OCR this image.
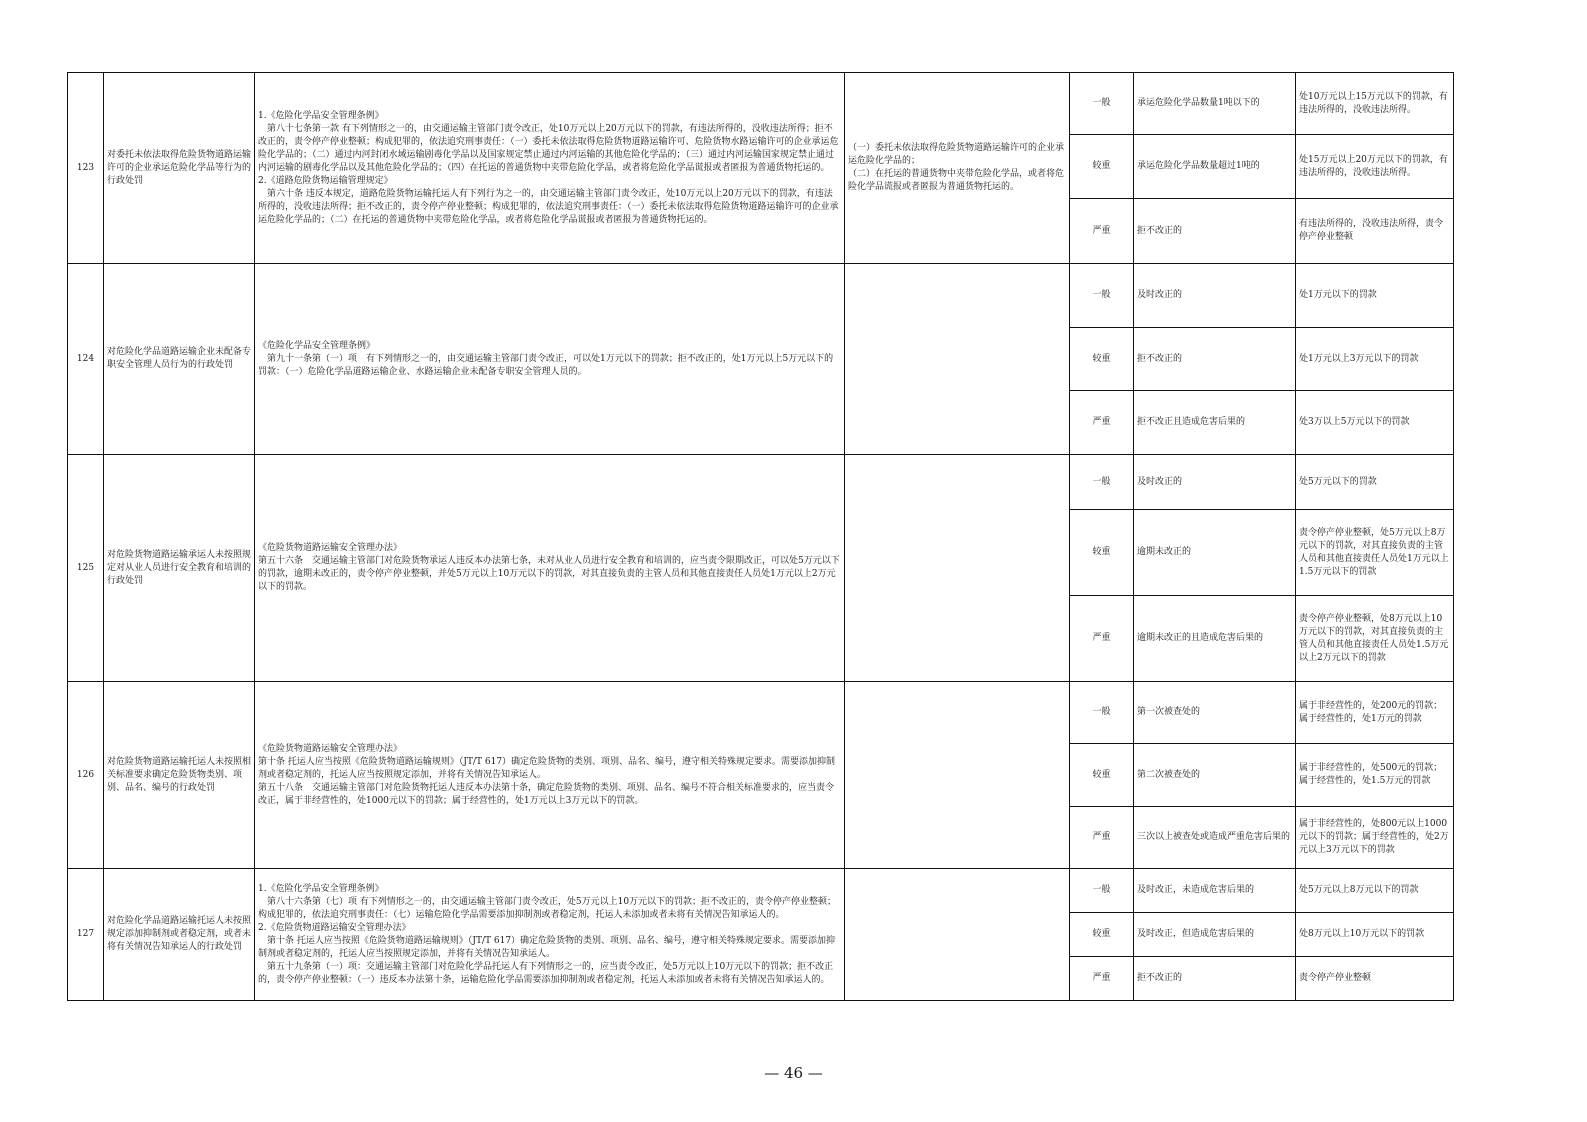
123	对委托未依法取得危险货物道路运输许可的企业承运危险化学品等行为的行政处罚	1.《危险化学品安全管理条例》
　第八十七条第一款 有下列情形之一的，由交通运输主管部门责令改正，处10万元以上20万元以下的罚款，有违法所得的，没收违法所得；拒不改正的，责令停产停业整顿；构成犯罪的，依法追究刑事责任：（一）委托未依法取得危险货物道路运输许可、危险货物水路运输许可的企业承运危险化学品的；（二）通过内河封闭水域运输剧毒化学品以及国家规定禁止通过内河运输的其他危险化学品的；（三）通过内河运输国家规定禁止通过内河运输的剧毒化学品以及其他危险化学品的；（四）在托运的普通货物中夹带危险化学品，或者将危险化学品谎报或者匿报为普通货物托运的。
2.《道路危险货物运输管理规定》
　第六十条 违反本规定，道路危险货物运输托运人有下列行为之一的，由交通运输主管部门责令改正，处10万元以上20万元以下的罚款，有违法所得的，没收违法所得；拒不改正的，责令停产停业整顿；构成犯罪的，依法追究刑事责任：（一）委托未依法取得危险货物道路运输许可的企业承运危险化学品的；（二）在托运的普通货物中夹带危险化学品，或者将危险化学品谎报或者匿报为普通货物托运的。	（一）委托未依法取得危险货物道路运输许可的企业承运危险化学品的；
（二）在托运的普通货物中夹带危险化学品，或者将危险化学品谎报或者匿报为普通货物托运的。	一般	承运危险化学品数量1吨以下的	处10万元以上15万元以下的罚款，有违法所得的，没收违法所得。
				较重	承运危险化学品数量超过1吨的	处15万元以上20万元以下的罚款，有违法所得的，没收违法所得。
				严重	拒不改正的	有违法所得的，没收违法所得，责令停产停业整顿
124	对危险化学品道路运输企业未配备专职安全管理人员行为的行政处罚	《危险化学品安全管理条例》
　第九十一条第（一）项　有下列情形之一的，由交通运输主管部门责令改正，可以处1万元以下的罚款；拒不改正的，处1万元以上5万元以下的罚款：（一）危险化学品道路运输企业、水路运输企业未配备专职安全管理人员的。		一般	及时改正的	处1万元以下的罚款
				较重	拒不改正的	处1万元以上3万元以下的罚款
				严重	拒不改正且造成危害后果的	处3万以上5万元以下的罚款
125	对危险货物道路运输承运人未按照规定对从业人员进行安全教育和培训的行政处罚	《危险货物道路运输安全管理办法》
第五十六条　交通运输主管部门对危险货物承运人违反本办法第七条，未对从业人员进行安全教育和培训的，应当责令限期改正，可以处5万元以下的罚款，逾期未改正的，责令停产停业整顿，并处5万元以上10万元以下的罚款，对其直接负责的主管人员和其他直接责任人员处1万元以上2万元以下的罚款。		一般	及时改正的	处5万元以下的罚款
				较重	逾期未改正的	责令停产停业整顿，处5万元以上8万元以下的罚款，对其直接负责的主管人员和其他直接责任人员处1万元以上1.5万元以下的罚款
				严重	逾期未改正的且造成危害后果的	责令停产停业整顿，处8万元以上10万元以下的罚款，对其直接负责的主管人员和其他直接责任人员处1.5万元以上2万元以下的罚款
126	对危险货物道路运输托运人未按照相关标准要求确定危险货物类别、项别、品名、编号的行政处罚	《危险货物道路运输安全管理办法》
第十条 托运人应当按照《危险货物道路运输规则》（JT/T 617）确定危险货物的类别、项别、品名、编号，遵守相关特殊规定要求。需要添加抑制剂或者稳定剂的，托运人应当按照规定添加，并将有关情况告知承运人。
第五十八条　交通运输主管部门对危险货物托运人违反本办法第十条，确定危险货物的类别、项别、品名、编号不符合相关标准要求的，应当责令改正，属于非经营性的，处1000元以下的罚款；属于经营性的，处1万元以上3万元以下的罚款。		一般	第一次被查处的	属于非经营性的，处200元的罚款；属于经营性的，处1万元的罚款
				较重	第二次被查处的	属于非经营性的，处500元的罚款；属于经营性的，处1.5万元的罚款
				严重	三次以上被查处或造成严重危害后果的	属于非经营性的，处800元以上1000元以下的罚款；属于经营性的，处2万元以上3万元以下的罚款
127	对危险化学品道路运输托运人未按照规定添加抑制剂或者稳定剂，或者未将有关情况告知承运人的行政处罚	1.《危险化学品安全管理条例》
　第八十六条第（七）项 有下列情形之一的，由交通运输主管部门责令改正，处5万元以上10万元以下的罚款；拒不改正的，责令停产停业整顿；构成犯罪的，依法追究刑事责任：（七）运输危险化学品需要添加抑制剂或者稳定剂，托运人未添加或者未将有关情况告知承运人的。
2.《危险货物道路运输安全管理办法》
　第十条 托运人应当按照《危险货物道路运输规则》（JT/T 617）确定危险货物的类别、项别、品名、编号，遵守相关特殊规定要求。需要添加抑制剂或者稳定剂的，托运人应当按照规定添加，并将有关情况告知承运人。
　第五十九条第（一）项：交通运输主管部门对危险化学品托运人有下列情形之一的，应当责令改正，处5万元以上10万元以下的罚款；拒不改正的，责令停产停业整顿：（一）违反本办法第十条，运输危险化学品需要添加抑制剂或者稳定剂，托运人未添加或者未将有关情况告知承运人的。		一般	及时改正，未造成危害后果的	处5万元以上8万元以下的罚款
				较重	及时改正，但造成危害后果的	处8万元以上10万元以下的罚款
				严重	拒不改正的	责令停产停业整顿
— 46 —
